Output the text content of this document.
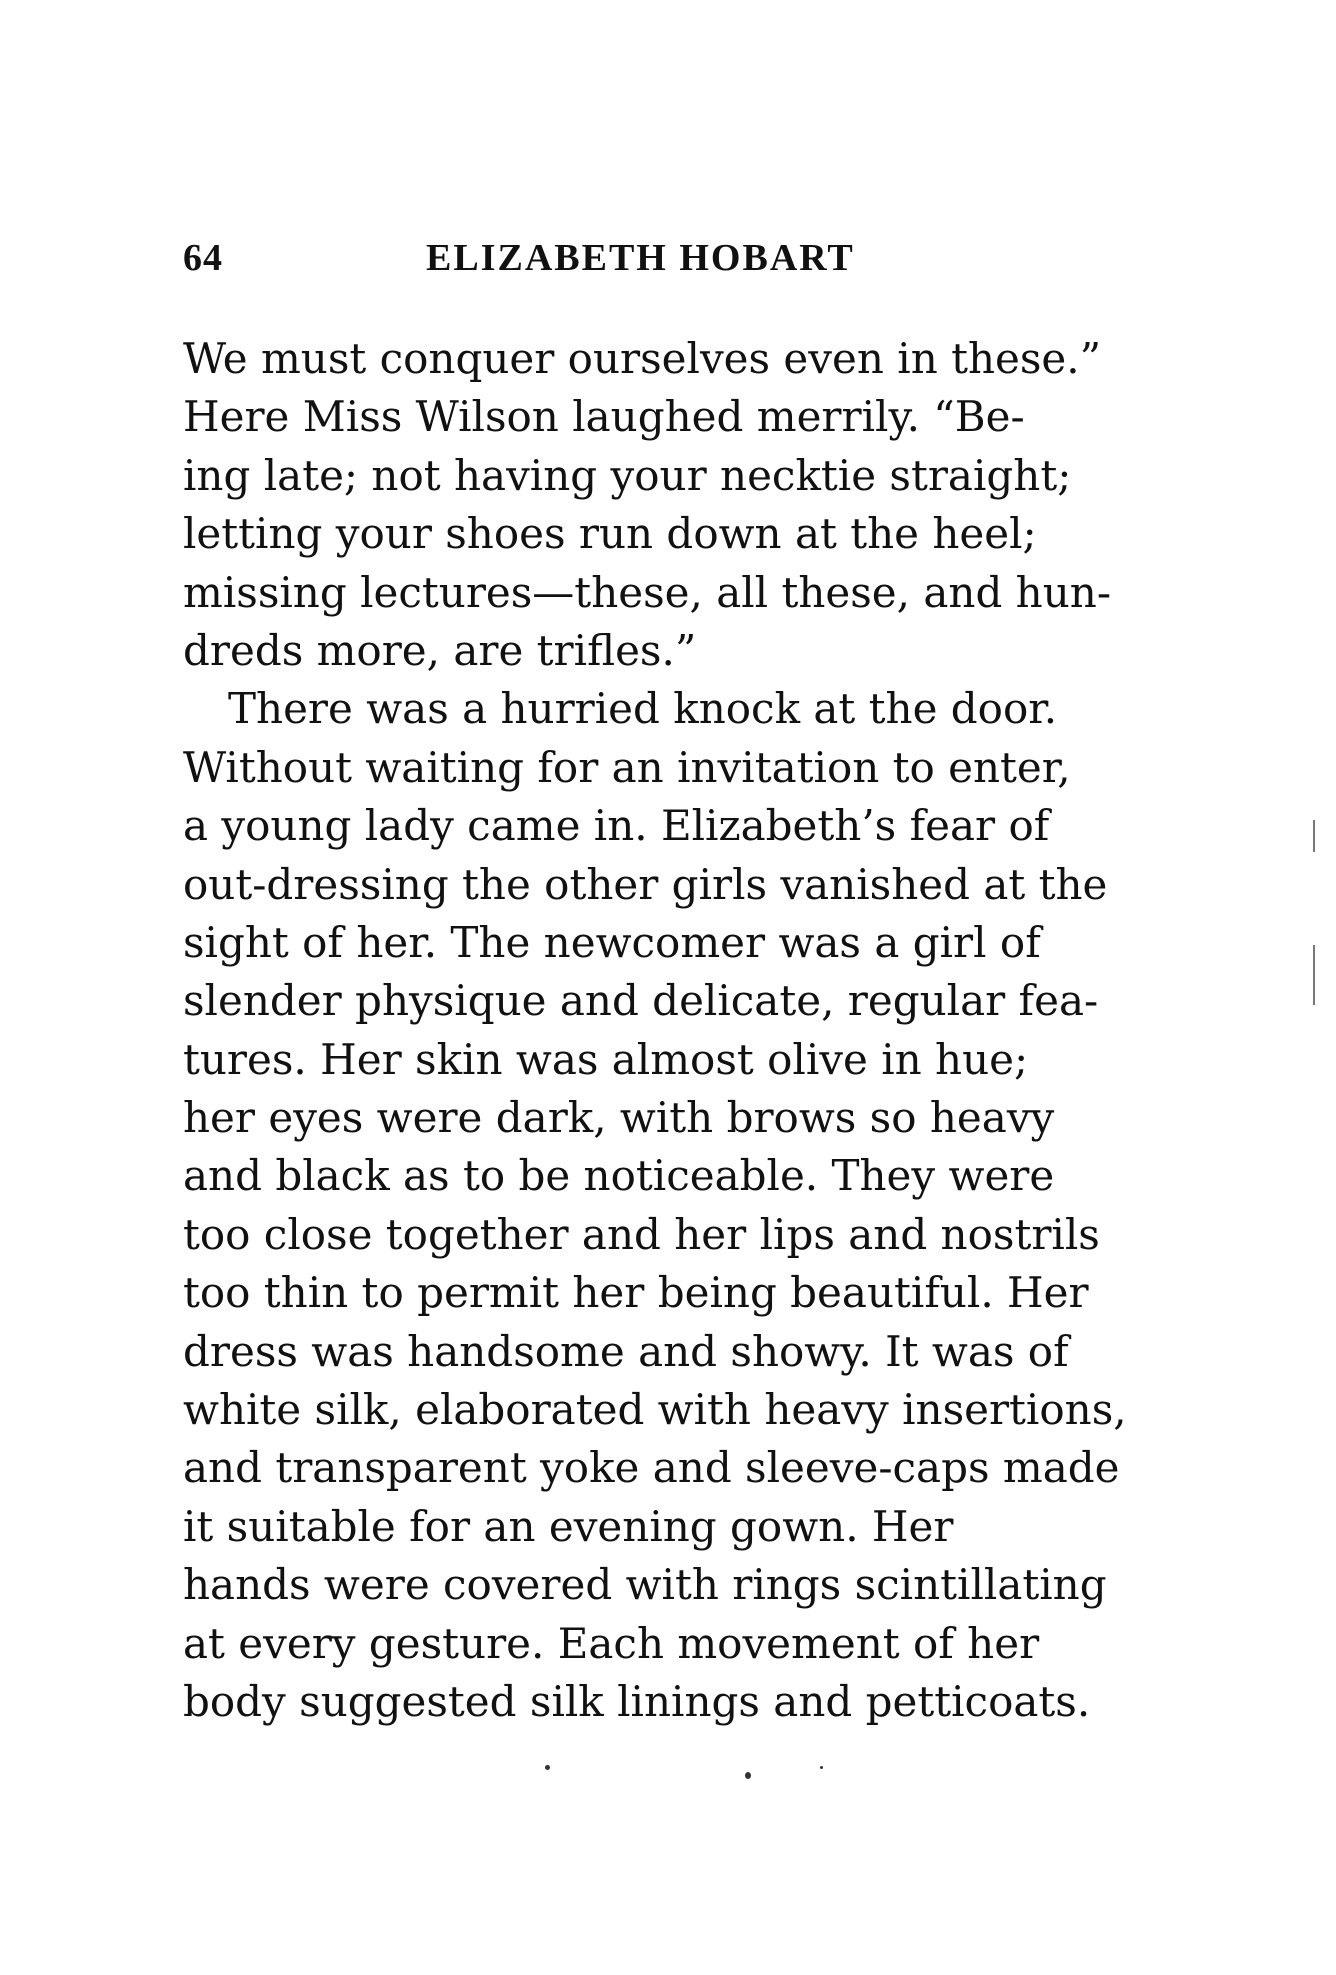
64	ELIZABETH HOBART
We must conquer ourselves even in these.”
Here Miss Wilson laughed merrily. “Be-
ing late; not having your necktie straight;
letting your shoes run down at the heel;
missing lectures—these, all these, and hun-
dreds more, are trifles.”
There was a hurried knock at the door.
Without waiting for an invitation to enter,
a young lady came in. Elizabeth’s fear of
out-dressing the other girls vanished at the
sight of her. The newcomer was a girl of
slender physique and delicate, regular fea-
tures. Her skin was almost olive in hue;
her eyes were dark, with brows so heavy
and black as to be noticeable. They were
too close together and her lips and nostrils
too thin to permit her being beautiful. Her
dress was handsome and showy. It was of
white silk, elaborated with heavy insertions,
and transparent yoke and sleeve-caps made
it suitable for an evening gown. Her
hands were covered with rings scintillating
at every gesture. Each movement of her
body suggested silk linings and petticoats.
